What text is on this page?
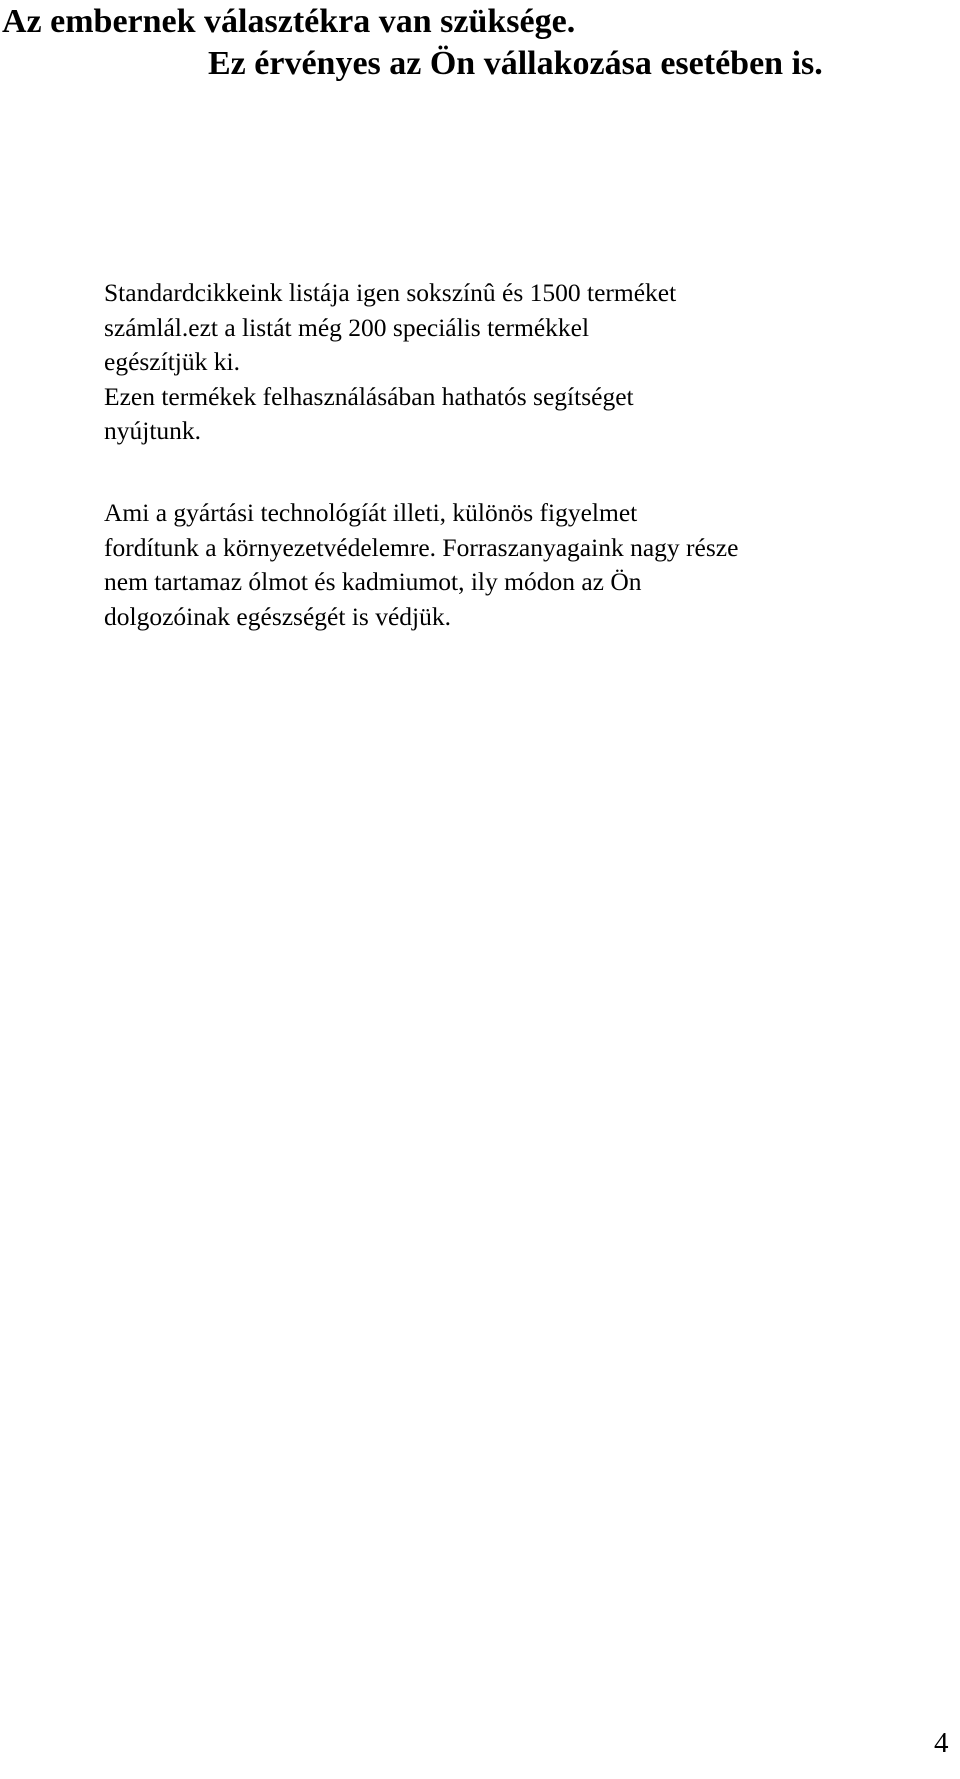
Az embernek választékra van szüksége.
Ez érvényes az Ön vállakozása esetében is.

Standardcikkeink listája igen sokszínû és 1500 terméket
számlál.ezt a listát még 200 speciális termékkel
egészítjük ki.
Ezen termékek felhasználásában hathatós segítséget
nyújtunk.

Ami a gyártási technológíát illeti, különös figyelmet
fordítunk a környezetvédelemre. Forraszanyagaink nagy része
nem tartamaz ólmot és kadmiumot, ily módon az Ön
dolgozóinak egészségét is védjük.

4
